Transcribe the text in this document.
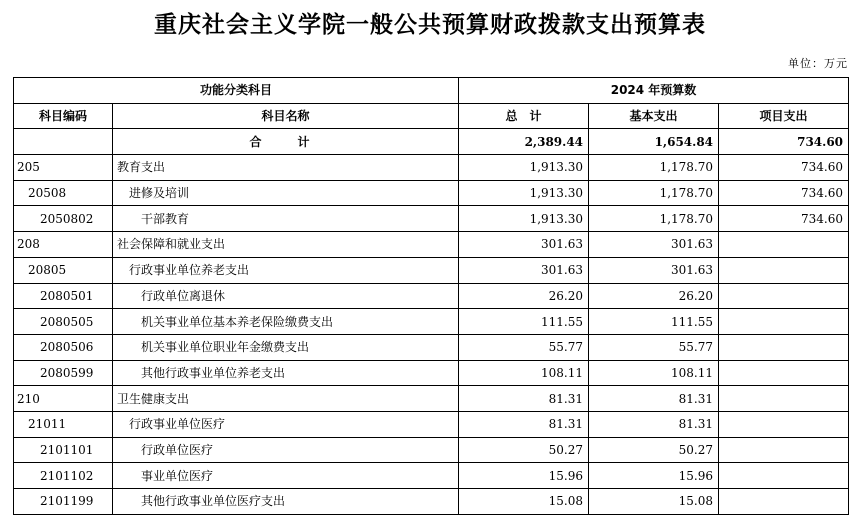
重庆社会主义学院一般公共预算财政拨款支出预算表
单位：万元
功能分类科目		2024 年预算数		
科目编码	科目名称	总　计	基本支出	项目支出
	合　计	2,389.44	1,654.84	734.60
205	教育支出	1,913.30	1,178.70	734.60
20508	进修及培训	1,913.30	1,178.70	734.60
2050802	干部教育	1,913.30	1,178.70	734.60
208	社会保障和就业支出	301.63	301.63	
20805	行政事业单位养老支出	301.63	301.63	
2080501	行政单位离退休	26.20	26.20	
2080505	机关事业单位基本养老保险缴费支出	111.55	111.55	
2080506	机关事业单位职业年金缴费支出	55.77	55.77	
2080599	其他行政事业单位养老支出	108.11	108.11	
210	卫生健康支出	81.31	81.31	
21011	行政事业单位医疗	81.31	81.31	
2101101	行政单位医疗	50.27	50.27	
2101102	事业单位医疗	15.96	15.96	
2101199	其他行政事业单位医疗支出	15.08	15.08	
